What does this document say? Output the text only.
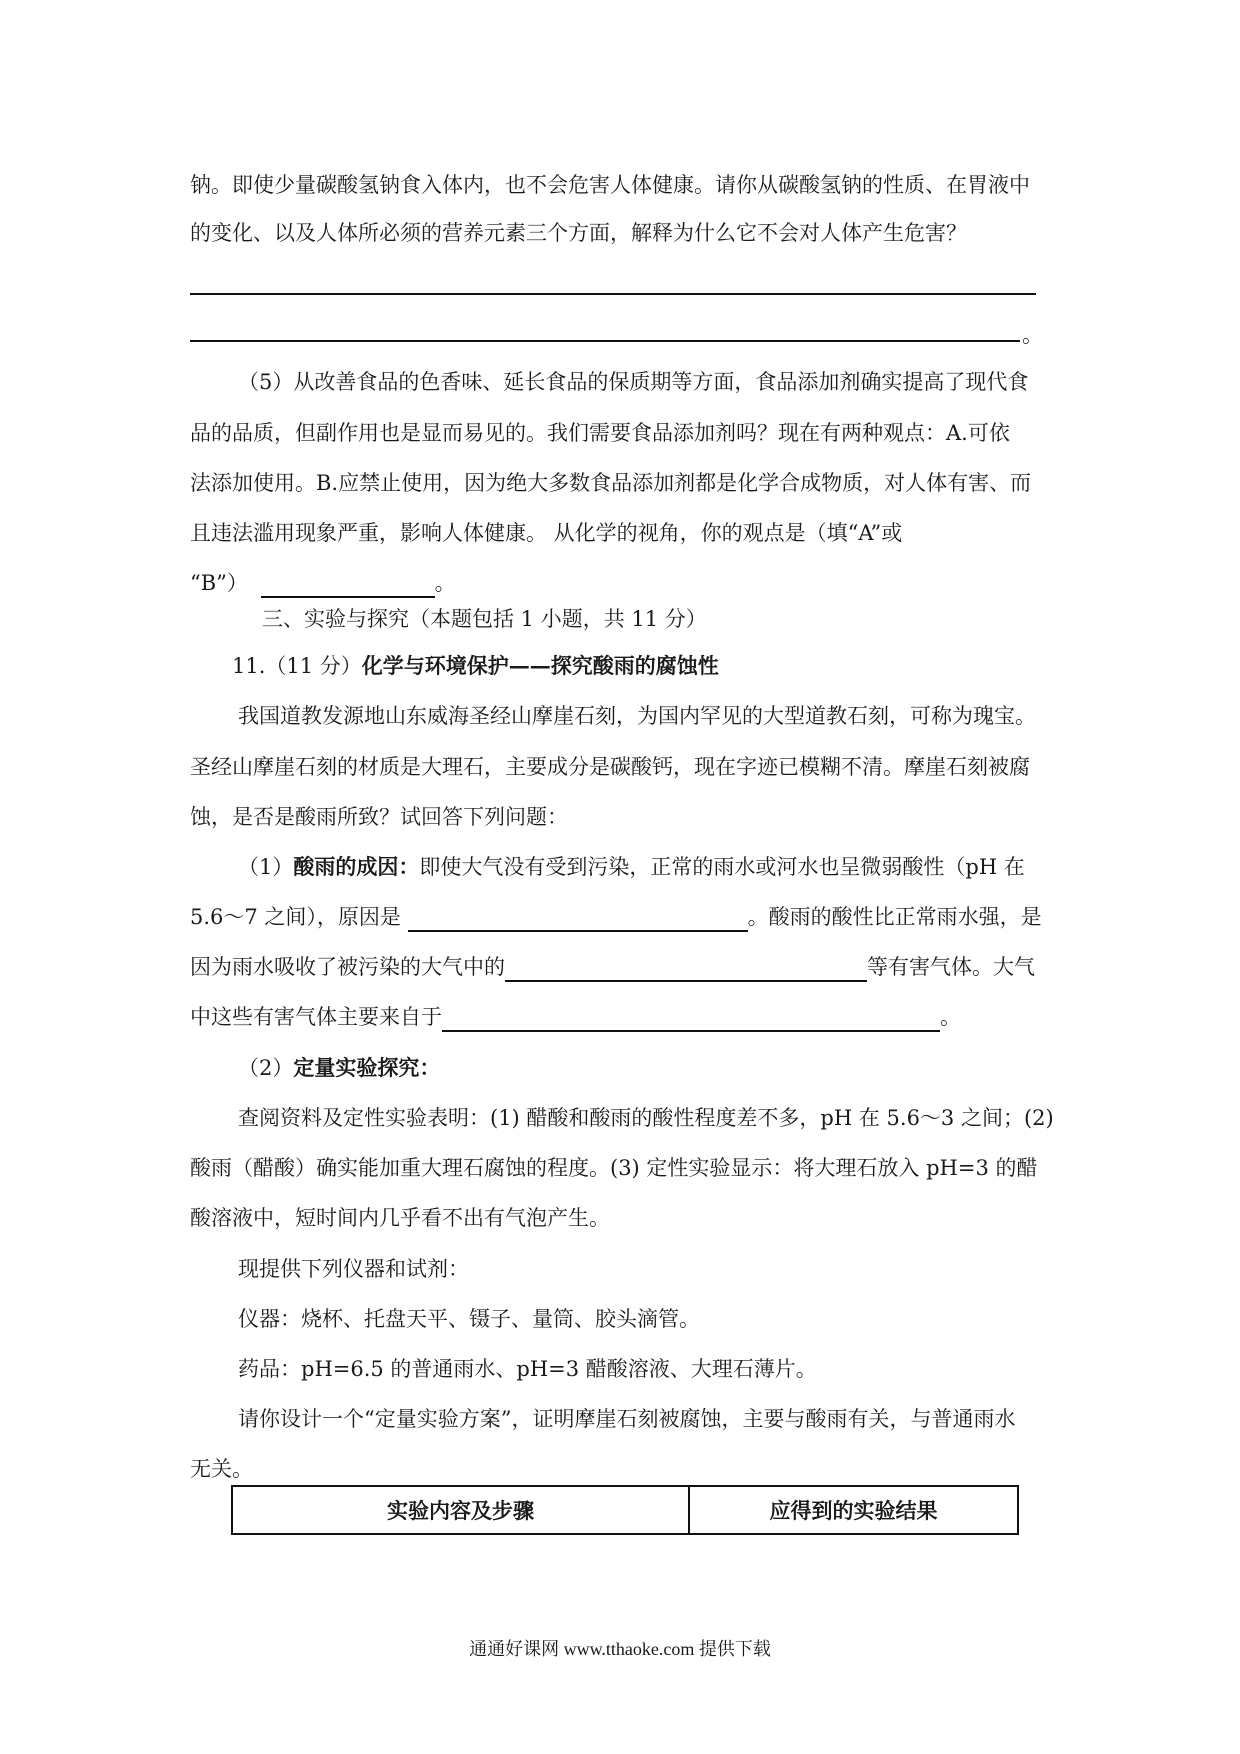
钠。即使少量碳酸氢钠食入体内，也不会危害人体健康。请你从碳酸氢钠的性质、在胃液中
的变化、以及人体所必须的营养元素三个方面，解释为什么它不会对人体产生危害？
。
（5）从改善食品的色香味、延长食品的保质期等方面，食品添加剂确实提高了现代食
品的品质，但副作用也是显而易见的。我们需要食品添加剂吗？现在有两种观点：A.可依
法添加使用。B.应禁止使用，因为绝大多数食品添加剂都是化学合成物质，对人体有害、而
且违法滥用现象严重，影响人体健康。 从化学的视角，你的观点是（填“A”或
“B”）	。
三、实验与探究（本题包括 1 小题，共 11 分）
11.（11 分）化学与环境保护——探究酸雨的腐蚀性
我国道教发源地山东威海圣经山摩崖石刻，为国内罕见的大型道教石刻，可称为瑰宝。
圣经山摩崖石刻的材质是大理石，主要成分是碳酸钙，现在字迹已模糊不清。摩崖石刻被腐
蚀，是否是酸雨所致？试回答下列问题：
（1）酸雨的成因：即使大气没有受到污染，正常的雨水或河水也呈微弱酸性（pH 在
5.6～7 之间），原因是	。酸雨的酸性比正常雨水强，是
因为雨水吸收了被污染的大气中的	等有害气体。大气
中这些有害气体主要来自于	。
（2）定量实验探究：
查阅资料及定性实验表明：(1) 醋酸和酸雨的酸性程度差不多，pH 在 5.6～3 之间；(2)
酸雨（醋酸）确实能加重大理石腐蚀的程度。(3) 定性实验显示：将大理石放入 pH=3 的醋
酸溶液中，短时间内几乎看不出有气泡产生。
现提供下列仪器和试剂：
仪器：烧杯、托盘天平、镊子、量筒、胶头滴管。
药品：pH=6.5 的普通雨水、pH=3 醋酸溶液、大理石薄片。
请你设计一个“定量实验方案”，证明摩崖石刻被腐蚀，主要与酸雨有关，与普通雨水
无关。
实验内容及步骤	应得到的实验结果
通通好课网 www.tthaoke.com 提供下载
